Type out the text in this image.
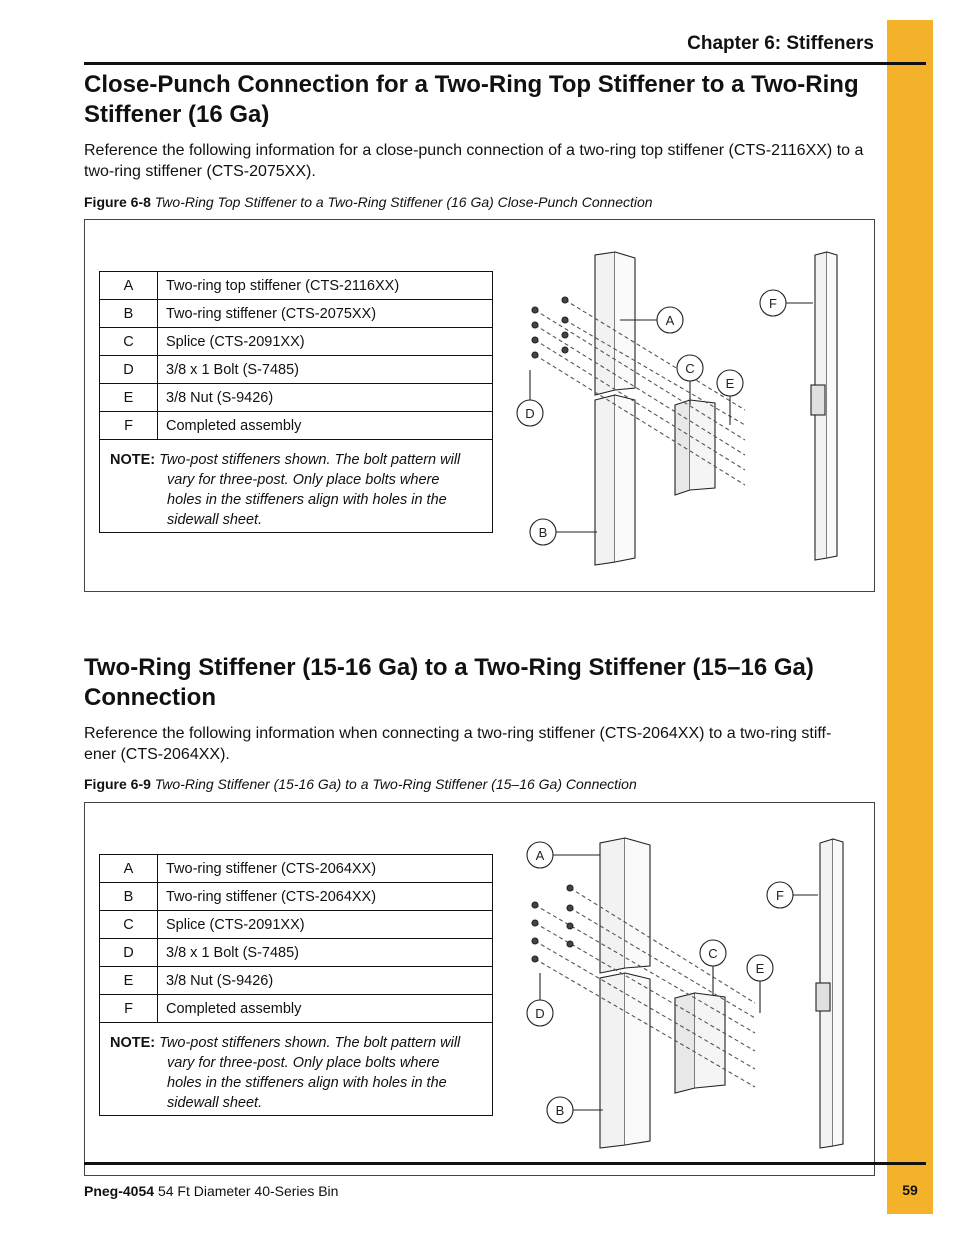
Chapter 6: Stiffeners
Close-Punch Connection for a Two-Ring Top Stiffener to a Two-Ring
Stiffener (16 Ga)

Reference the following information for a close-punch connection of a two-ring top stiffener (CTS-2116XX) to a two-ring stiffener (CTS-2075XX).

Figure 6-8 Two-Ring Top Stiffener to a Two-Ring Stiffener (16 Ga) Close-Punch Connection
A	Two-ring top stiffener (CTS-2116XX)
B	Two-ring stiffener (CTS-2075XX)
C	Splice (CTS-2091XX)
D	3/8 x 1 Bolt (S-7485)
E	3/8 Nut (S-9426)
F	Completed assembly

NOTE: Two-post stiffeners shown. The bolt pattern will

vary for three-post. Only place bolts where
holes in the stiffeners align with holes in the
sidewall sheet.	
A
C
E
D
B
F
Two-Ring Stiffener (15-16 Ga) to a Two-Ring Stiffener (15–16 Ga)
Connection

Reference the following information when connecting a two-ring stiffener (CTS-2064XX) to a two-ring stiff-
ener (CTS-2064XX).

Figure 6-9 Two-Ring Stiffener (15-16 Ga) to a Two-Ring Stiffener (15–16 Ga) Connection
A	Two-ring stiffener (CTS-2064XX)
B	Two-ring stiffener (CTS-2064XX)
C	Splice (CTS-2091XX)
D	3/8 x 1 Bolt (S-7485)
E	3/8 Nut (S-9426)
F	Completed assembly

NOTE: Two-post stiffeners shown. The bolt pattern will

vary for three-post. Only place bolts where
holes in the stiffeners align with holes in the
sidewall sheet.	
A
C
E
D
B
F
Pneg-4054 54 Ft Diameter 40-Series Bin	59
